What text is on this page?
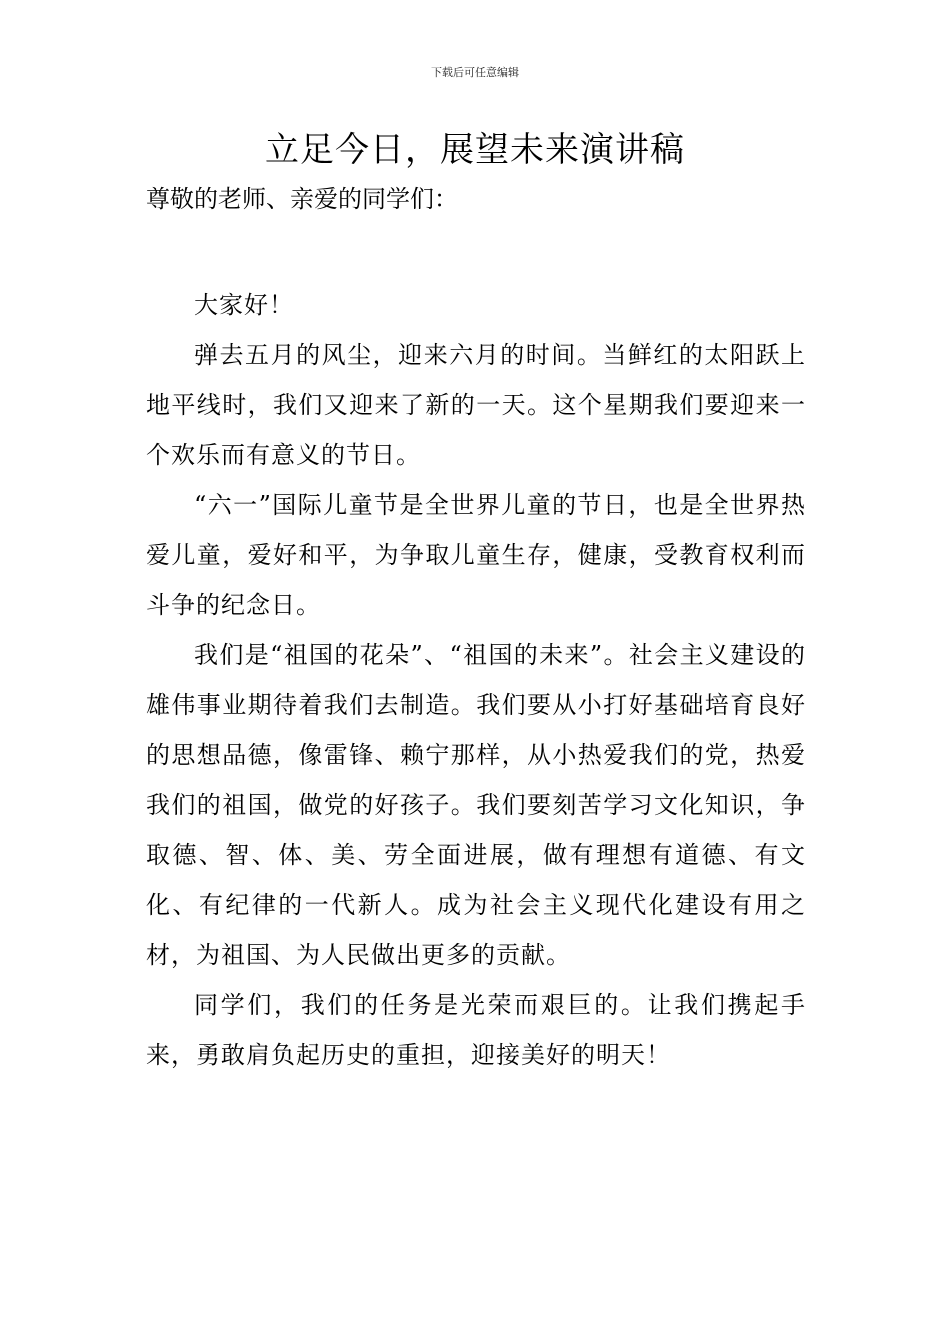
下载后可任意编辑
立足今日，展望未来演讲稿

尊敬的老师、亲爱的同学们：

大家好！

弹去五月的风尘，迎来六月的时间。当鲜红的太阳跃上地平线时，我们又迎来了新的一天。这个星期我们要迎来一个欢乐而有意义的节日。

“六一”国际儿童节是全世界儿童的节日，也是全世界热爱儿童，爱好和平，为争取儿童生存，健康，受教育权利而斗争的纪念日。

我们是“祖国的花朵”、“祖国的未来”。社会主义建设的雄伟事业期待着我们去制造。我们要从小打好基础培育良好的思想品德，像雷锋、赖宁那样，从小热爱我们的党，热爱我们的祖国，做党的好孩子。我们要刻苦学习文化知识，争取德、智、体、美、劳全面进展，做有理想有道德、有文化、有纪律的一代新人。成为社会主义现代化建设有用之材，为祖国、为人民做出更多的贡献。

同学们，我们的任务是光荣而艰巨的。让我们携起手来，勇敢肩负起历史的重担，迎接美好的明天！
